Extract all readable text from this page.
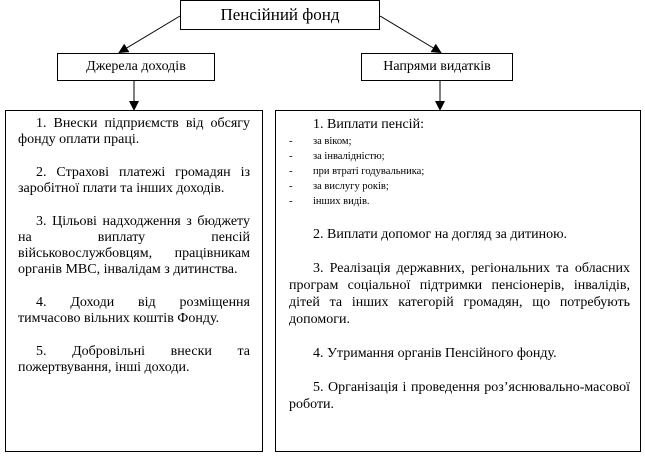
Пенсійний фонд
Джерела доходів	Напрями видатків

1. Внески підприємств від обсягу фонду оплати праці.

2. Страхові платежі громадян із заробітної плати та інших доходів.

3. Цільові надходження з бюджету на виплату пенсій військовослужбовцям, працівникам органів МВС, інвалідам з дитинства.

4. Доходи від розміщення тимчасово вільних коштів Фонду.

5. Добровільні внески та пожертвування, інші доходи.

1. Виплати пенсій:
-	за віком;
-	за інвалідністю;
-	при втраті годувальника;
-	за вислугу років;
-	інших видів.

2. Виплати допомог на догляд за дитиною.

3. Реалізація державних, регіональних та обласних програм соціальної підтримки пенсіонерів, інвалідів, дітей та інших категорій громадян, що потребують допомоги.

4. Утримання органів Пенсійного фонду.

5. Організація і проведення роз’яснювально-масової роботи.
